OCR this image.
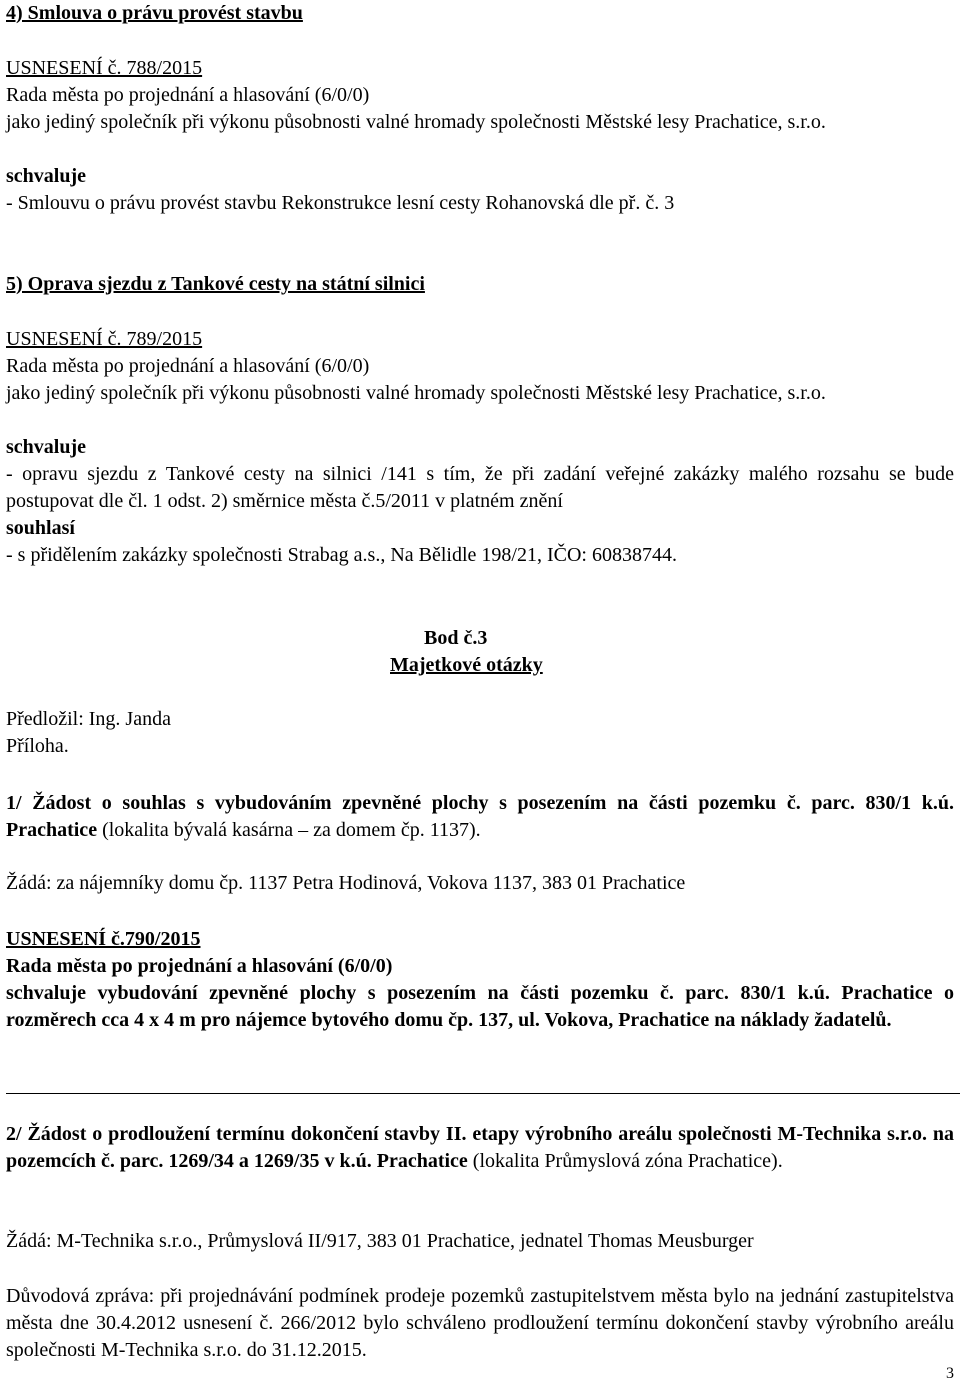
4) Smlouva o právu provést stavbu

USNESENÍ č. 788/2015

Rada města po projednání a hlasování (6/0/0)

jako jediný společník při výkonu působnosti valné hromady společnosti Městské lesy Prachatice, s.r.o.

schvaluje

- Smlouvu o právu provést stavbu Rekonstrukce lesní cesty Rohanovská dle př. č. 3

5) Oprava sjezdu z Tankové cesty na státní silnici

USNESENÍ č. 789/2015

Rada města po projednání a hlasování (6/0/0)

jako jediný společník při výkonu působnosti valné hromady společnosti Městské lesy Prachatice, s.r.o.

schvaluje

- opravu sjezdu z Tankové cesty na silnici /141 s tím, že při zadání veřejné zakázky malého rozsahu se bude postupovat dle čl. 1 odst. 2) směrnice města č.5/2011 v platném znění

souhlasí

- s přidělením zakázky společnosti Strabag a.s., Na Bělidle 198/21, IČO: 60838744.

Bod č.3

Majetkové otázky

Předložil: Ing. Janda

Příloha.

1/ Žádost o souhlas s vybudováním zpevněné plochy s posezením na části pozemku č. parc. 830/1 k.ú. Prachatice (lokalita bývalá kasárna – za domem čp. 1137).

Žádá: za nájemníky domu čp. 1137 Petra Hodinová, Vokova 1137, 383 01 Prachatice

USNESENÍ č.790/2015

Rada města po projednání a hlasování (6/0/0)

schvaluje vybudování zpevněné plochy s posezením na části pozemku č. parc. 830/1 k.ú. Prachatice o rozměrech cca 4 x 4 m pro nájemce bytového domu čp. 137, ul. Vokova, Prachatice na náklady žadatelů.

2/ Žádost o prodloužení termínu dokončení stavby II. etapy výrobního areálu společnosti M-Technika s.r.o. na pozemcích č. parc. 1269/34 a 1269/35 v k.ú. Prachatice (lokalita Průmyslová zóna Prachatice).

Žádá: M-Technika s.r.o., Průmyslová II/917, 383 01 Prachatice, jednatel Thomas Meusburger

Důvodová zpráva: při projednávání podmínek prodeje pozemků zastupitelstvem města bylo na jednání zastupitelstva města dne 30.4.2012 usnesení č. 266/2012 bylo schváleno prodloužení termínu dokončení stavby výrobního areálu společnosti M-Technika s.r.o. do 31.12.2015.

3
